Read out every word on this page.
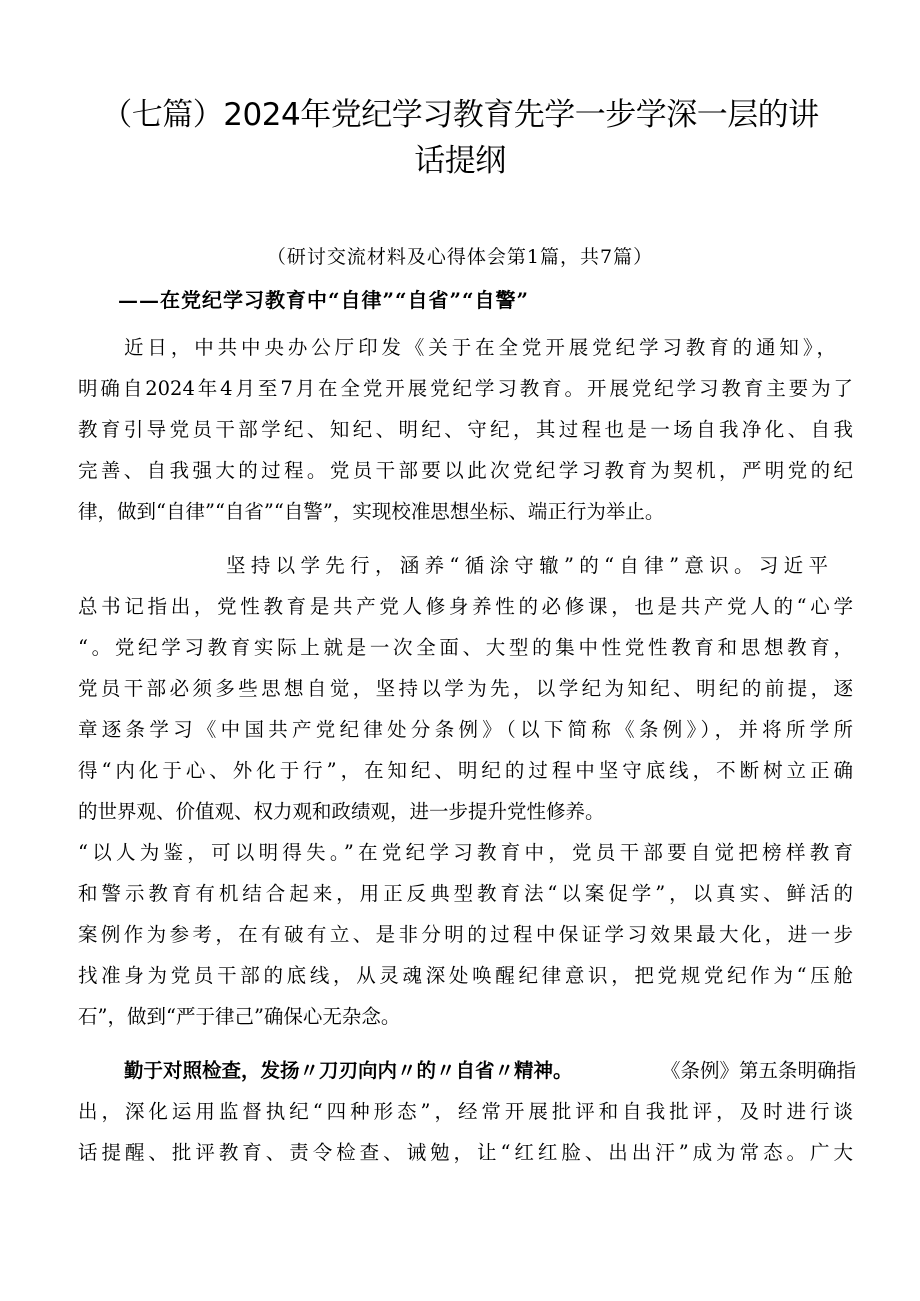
（七篇）2024年党纪学习教育先学一步学深一层的讲
话提纲

（研讨交流材料及心得体会第1篇，共7篇）

——在党纪学习教育中“自律”“自省”“自警”

近日，中共中央办公厅印发《关于在全党开展党纪学习教育的通知》，

明确自2024年4月至7月在全党开展党纪学习教育。开展党纪学习教育主要为了

教育引导党员干部学纪、知纪、明纪、守纪，其过程也是一场自我净化、自我

完善、自我强大的过程。党员干部要以此次党纪学习教育为契机，严明党的纪

律，做到“自律”“自省”“自警”，实现校准思想坐标、端正行为举止。

坚持以学先行，涵养“循涂守辙”的“自律”意识。习近平

总书记指出，党性教育是共产党人修身养性的必修课，也是共产党人的“心学

“。党纪学习教育实际上就是一次全面、大型的集中性党性教育和思想教育，

党员干部必须多些思想自觉，坚持以学为先，以学纪为知纪、明纪的前提，逐

章逐条学习《中国共产党纪律处分条例》（以下简称《条例》），并将所学所

得“内化于心、外化于行”，在知纪、明纪的过程中坚守底线，不断树立正确

的世界观、价值观、权力观和政绩观，进一步提升党性修养。

“以人为鉴，可以明得失。”在党纪学习教育中，党员干部要自觉把榜样教育

和警示教育有机结合起来，用正反典型教育法“以案促学”，以真实、鲜活的

案例作为参考，在有破有立、是非分明的过程中保证学习效果最大化，进一步

找准身为党员干部的底线，从灵魂深处唤醒纪律意识，把党规党纪作为“压舱

石”，做到“严于律己”确保心无杂念。

勤于对照检查，发扬〃刀刃向内〃的〃自省〃精神。	《条例》第五条明确指

出，深化运用监督执纪“四种形态”，经常开展批评和自我批评，及时进行谈

话提醒、批评教育、责令检查、诫勉，让“红红脸、出出汗”成为常态。广大
